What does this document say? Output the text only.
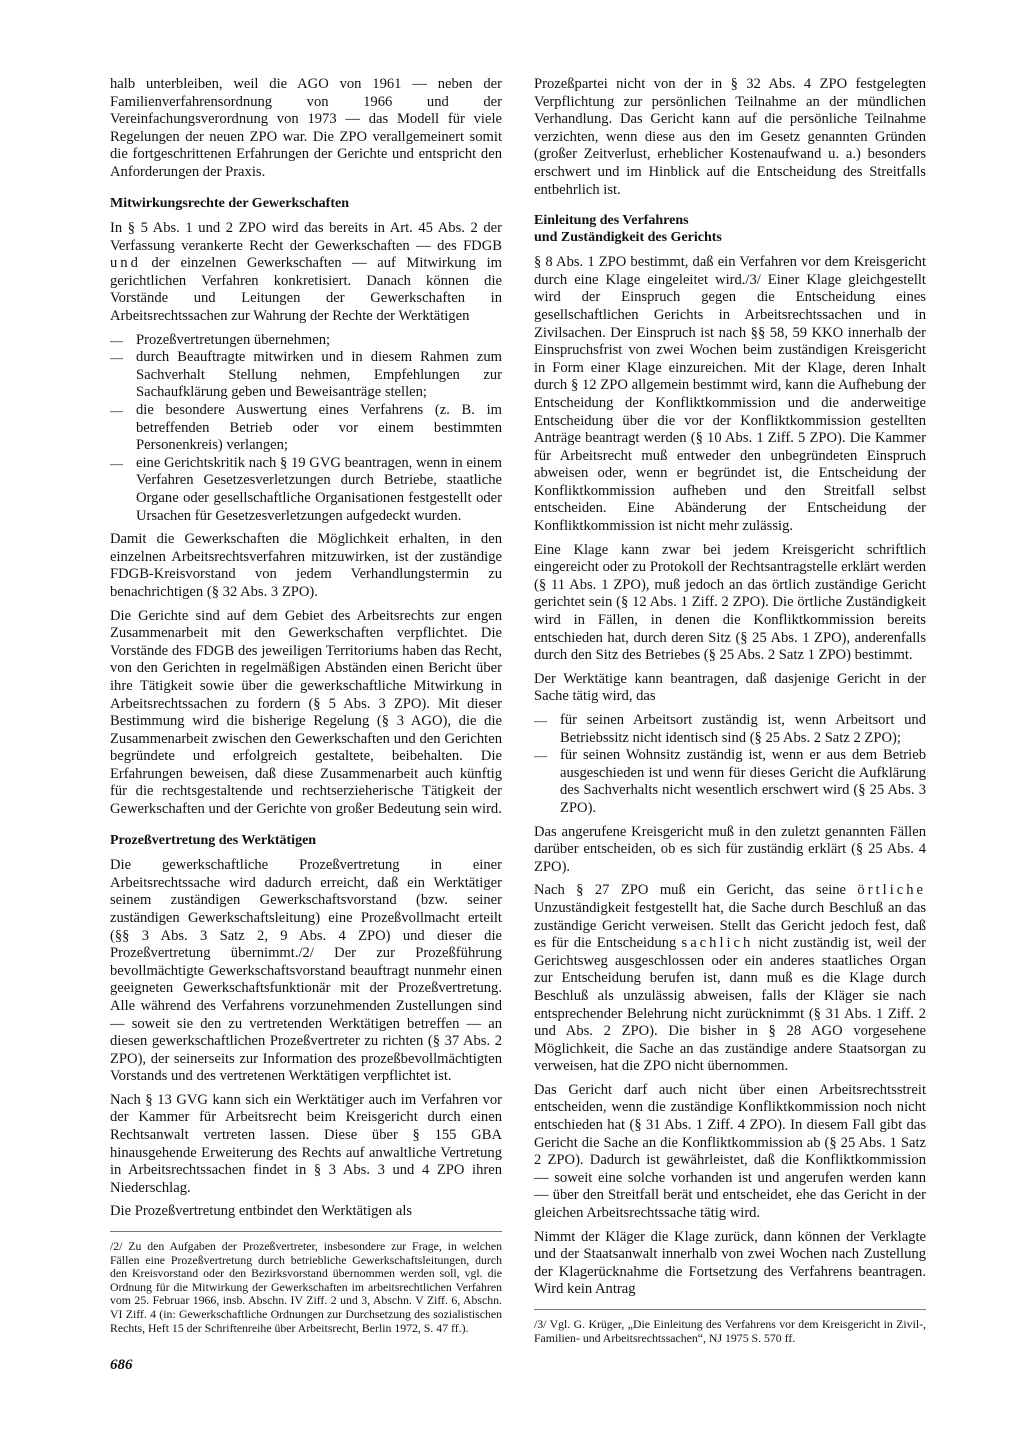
halb unterbleiben, weil die AGO von 1961 — neben der Familienverfahrensordnung von 1966 und der Vereinfachungsverordnung von 1973 — das Modell für viele Regelungen der neuen ZPO war. Die ZPO verallgemeinert somit die fortgeschrittenen Erfahrungen der Gerichte und entspricht den Anforderungen der Praxis.

Mitwirkungsrechte der Gewerkschaften

In § 5 Abs. 1 und 2 ZPO wird das bereits in Art. 45 Abs. 2 der Verfassung verankerte Recht der Gewerkschaften — des FDGB und der einzelnen Gewerkschaften — auf Mitwirkung im gerichtlichen Verfahren konkretisiert. Danach können die Vorstände und Leitungen der Gewerkschaften in Arbeitsrechtssachen zur Wahrung der Rechte der Werktätigen

— Prozeßvertretungen übernehmen;
— durch Beauftragte mitwirken und in diesem Rahmen zum Sachverhalt Stellung nehmen, Empfehlungen zur Sachaufklärung geben und Beweisanträge stellen;
— die besondere Auswertung eines Verfahrens (z. B. im betreffenden Betrieb oder vor einem bestimmten Personenkreis) verlangen;
— eine Gerichtskritik nach § 19 GVG beantragen, wenn in einem Verfahren Gesetzesverletzungen durch Betriebe, staatliche Organe oder gesellschaftliche Organisationen festgestellt oder Ursachen für Gesetzesverletzungen aufgedeckt wurden.

Damit die Gewerkschaften die Möglichkeit erhalten, in den einzelnen Arbeitsrechtsverfahren mitzuwirken, ist der zuständige FDGB-Kreisvorstand von jedem Verhandlungstermin zu benachrichtigen (§ 32 Abs. 3 ZPO).

Die Gerichte sind auf dem Gebiet des Arbeitsrechts zur engen Zusammenarbeit mit den Gewerkschaften verpflichtet. Die Vorstände des FDGB des jeweiligen Territoriums haben das Recht, von den Gerichten in regelmäßigen Abständen einen Bericht über ihre Tätigkeit sowie über die gewerkschaftliche Mitwirkung in Arbeitsrechtssachen zu fordern (§ 5 Abs. 3 ZPO). Mit dieser Bestimmung wird die bisherige Regelung (§ 3 AGO), die die Zusammenarbeit zwischen den Gewerkschaften und den Gerichten begründete und erfolgreich gestaltete, beibehalten. Die Erfahrungen beweisen, daß diese Zusammenarbeit auch künftig für die rechtsgestaltende und rechtserzieherische Tätigkeit der Gewerkschaften und der Gerichte von großer Bedeutung sein wird.

Prozeßvertretung des Werktätigen

Die gewerkschaftliche Prozeßvertretung in einer Arbeitsrechtssache wird dadurch erreicht, daß ein Werktätiger seinem zuständigen Gewerkschaftsvorstand (bzw. seiner zuständigen Gewerkschaftsleitung) eine Prozeßvollmacht erteilt (§§ 3 Abs. 3 Satz 2, 9 Abs. 4 ZPO) und dieser die Prozeßvertretung übernimmt./2/ Der zur Prozeßführung bevollmächtigte Gewerkschaftsvorstand beauftragt nunmehr einen geeigneten Gewerkschaftsfunktionär mit der Prozeßvertretung. Alle während des Verfahrens vorzunehmenden Zustellungen sind — soweit sie den zu vertretenden Werktätigen betreffen — an diesen gewerkschaftlichen Prozeßvertreter zu richten (§ 37 Abs. 2 ZPO), der seinerseits zur Information des prozeßbevollmächtigten Vorstands und des vertretenen Werktätigen verpflichtet ist.

Nach § 13 GVG kann sich ein Werktätiger auch im Verfahren vor der Kammer für Arbeitsrecht beim Kreisgericht durch einen Rechtsanwalt vertreten lassen. Diese über § 155 GBA hinausgehende Erweiterung des Rechts auf anwaltliche Vertretung in Arbeitsrechtssachen findet in § 3 Abs. 3 und 4 ZPO ihren Niederschlag.

Die Prozeßvertretung entbindet den Werktätigen als

/2/ Zu den Aufgaben der Prozeßvertreter, insbesondere zur Frage, in welchen Fällen eine Prozeßvertretung durch betriebliche Gewerkschaftsleitungen, durch den Kreisvorstand oder den Bezirksvorstand übernommen werden soll, vgl. die Ordnung für die Mitwirkung der Gewerkschaften im arbeitsrechtlichen Verfahren vom 25. Februar 1966, insb. Abschn. IV Ziff. 2 und 3, Abschn. V Ziff. 6, Abschn. VI Ziff. 4 (in: Gewerkschaftliche Ordnungen zur Durchsetzung des sozialistischen Rechts, Heft 15 der Schriftenreihe über Arbeitsrecht, Berlin 1972, S. 47 ff.).

686

Prozeßpartei nicht von der in § 32 Abs. 4 ZPO festgelegten Verpflichtung zur persönlichen Teilnahme an der mündlichen Verhandlung. Das Gericht kann auf die persönliche Teilnahme verzichten, wenn diese aus den im Gesetz genannten Gründen (großer Zeitverlust, erheblicher Kostenaufwand u. a.) besonders erschwert und im Hinblick auf die Entscheidung des Streitfalls entbehrlich ist.

Einleitung des Verfahrens
und Zuständigkeit des Gerichts

§ 8 Abs. 1 ZPO bestimmt, daß ein Verfahren vor dem Kreisgericht durch eine Klage eingeleitet wird./3/ Einer Klage gleichgestellt wird der Einspruch gegen die Entscheidung eines gesellschaftlichen Gerichts in Arbeitsrechtssachen und in Zivilsachen. Der Einspruch ist nach §§ 58, 59 KKO innerhalb der Einspruchsfrist von zwei Wochen beim zuständigen Kreisgericht in Form einer Klage einzureichen. Mit der Klage, deren Inhalt durch § 12 ZPO allgemein bestimmt wird, kann die Aufhebung der Entscheidung der Konfliktkommission und die anderweitige Entscheidung über die vor der Konfliktkommission gestellten Anträge beantragt werden (§ 10 Abs. 1 Ziff. 5 ZPO). Die Kammer für Arbeitsrecht muß entweder den unbegründeten Einspruch abweisen oder, wenn er begründet ist, die Entscheidung der Konfliktkommission aufheben und den Streitfall selbst entscheiden. Eine Abänderung der Entscheidung der Konfliktkommission ist nicht mehr zulässig.

Eine Klage kann zwar bei jedem Kreisgericht schriftlich eingereicht oder zu Protokoll der Rechtsantragstelle erklärt werden (§ 11 Abs. 1 ZPO), muß jedoch an das örtlich zuständige Gericht gerichtet sein (§ 12 Abs. 1 Ziff. 2 ZPO). Die örtliche Zuständigkeit wird in Fällen, in denen die Konfliktkommission bereits entschieden hat, durch deren Sitz (§ 25 Abs. 1 ZPO), anderenfalls durch den Sitz des Betriebes (§ 25 Abs. 2 Satz 1 ZPO) bestimmt.

Der Werktätige kann beantragen, daß dasjenige Gericht in der Sache tätig wird, das

— für seinen Arbeitsort zuständig ist, wenn Arbeitsort und Betriebssitz nicht identisch sind (§ 25 Abs. 2 Satz 2 ZPO);
— für seinen Wohnsitz zuständig ist, wenn er aus dem Betrieb ausgeschieden ist und wenn für dieses Gericht die Aufklärung des Sachverhalts nicht wesentlich erschwert wird (§ 25 Abs. 3 ZPO).

Das angerufene Kreisgericht muß in den zuletzt genannten Fällen darüber entscheiden, ob es sich für zuständig erklärt (§ 25 Abs. 4 ZPO).

Nach § 27 ZPO muß ein Gericht, das seine örtliche Unzuständigkeit festgestellt hat, die Sache durch Beschluß an das zuständige Gericht verweisen. Stellt das Gericht jedoch fest, daß es für die Entscheidung sachlich nicht zuständig ist, weil der Gerichtsweg ausgeschlossen oder ein anderes staatliches Organ zur Entscheidung berufen ist, dann muß es die Klage durch Beschluß als unzulässig abweisen, falls der Kläger sie nach entsprechender Belehrung nicht zurücknimmt (§ 31 Abs. 1 Ziff. 2 und Abs. 2 ZPO). Die bisher in § 28 AGO vorgesehene Möglichkeit, die Sache an das zuständige andere Staatsorgan zu verweisen, hat die ZPO nicht übernommen.

Das Gericht darf auch nicht über einen Arbeitsrechtsstreit entscheiden, wenn die zuständige Konfliktkommission noch nicht entschieden hat (§ 31 Abs. 1 Ziff. 4 ZPO). In diesem Fall gibt das Gericht die Sache an die Konfliktkommission ab (§ 25 Abs. 1 Satz 2 ZPO). Dadurch ist gewährleistet, daß die Konfliktkommission — soweit eine solche vorhanden ist und angerufen werden kann — über den Streitfall berät und entscheidet, ehe das Gericht in der gleichen Arbeitsrechtssache tätig wird.

Nimmt der Kläger die Klage zurück, dann können der Verklagte und der Staatsanwalt innerhalb von zwei Wochen nach Zustellung der Klagerücknahme die Fortsetzung des Verfahrens beantragen. Wird kein Antrag

/3/ Vgl. G. Krüger, „Die Einleitung des Verfahrens vor dem Kreisgericht in Zivil-, Familien- und Arbeitsrechtssachen“, NJ 1975 S. 570 ff.
